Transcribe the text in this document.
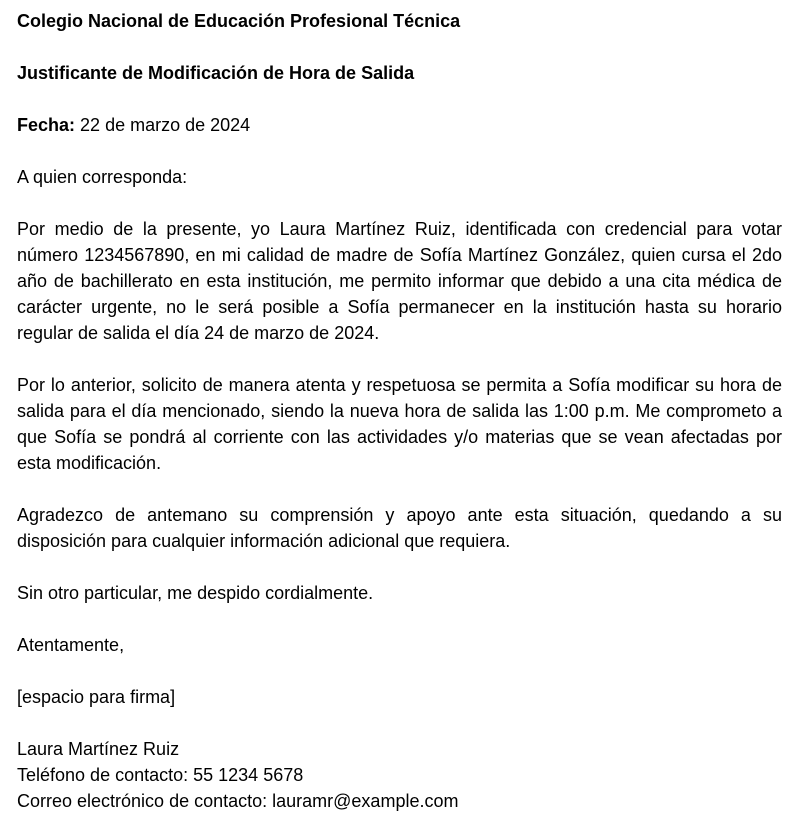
Colegio Nacional de Educación Profesional Técnica

Justificante de Modificación de Hora de Salida

Fecha: 22 de marzo de 2024

A quien corresponda:

Por medio de la presente, yo Laura Martínez Ruiz, identificada con credencial para votar número 1234567890, en mi calidad de madre de Sofía Martínez González, quien cursa el 2do año de bachillerato en esta institución, me permito informar que debido a una cita médica de carácter urgente, no le será posible a Sofía permanecer en la institución hasta su horario regular de salida el día 24 de marzo de 2024.

Por lo anterior, solicito de manera atenta y respetuosa se permita a Sofía modificar su hora de salida para el día mencionado, siendo la nueva hora de salida las 1:00 p.m. Me comprometo a que Sofía se pondrá al corriente con las actividades y/o materias que se vean afectadas por esta modificación.

Agradezco de antemano su comprensión y apoyo ante esta situación, quedando a su disposición para cualquier información adicional que requiera.

Sin otro particular, me despido cordialmente.

Atentamente,

[espacio para firma]

Laura Martínez Ruiz
Teléfono de contacto: 55 1234 5678
Correo electrónico de contacto: lauramr@example.com
